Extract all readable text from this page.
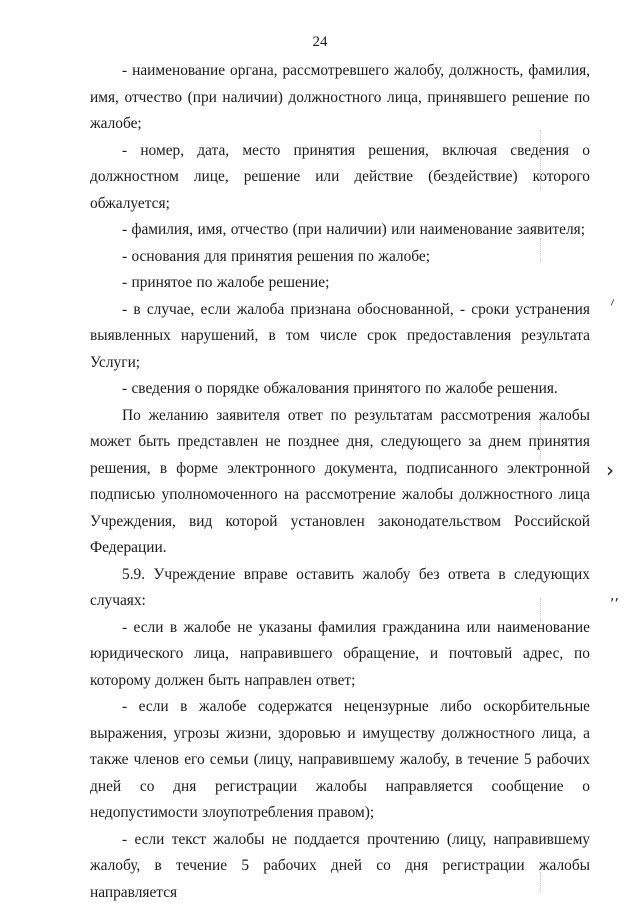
24

- наименование органа, рассмотревшего жалобу, должность, фамилия, имя, отчество (при наличии) должностного лица, принявшего решение по жалобе;

- номер, дата, место принятия решения, включая сведения о должностном лице, решение или действие (бездействие) которого обжалуется;

- фамилия, имя, отчество (при наличии) или наименование заявителя;

- основания для принятия решения по жалобе;

- принятое по жалобе решение;

- в случае, если жалоба признана обоснованной, - сроки устранения выявленных нарушений, в том числе срок предоставления результата Услуги;

- сведения о порядке обжалования принятого по жалобе решения.

По желанию заявителя ответ по результатам рассмотрения жалобы может быть представлен не позднее дня, следующего за днем принятия решения, в форме электронного документа, подписанного электронной подписью уполномоченного на рассмотрение жалобы должностного лица Учреждения, вид которой установлен законодательством Российской Федерации.

5.9. Учреждение вправе оставить жалобу без ответа в следующих случаях:

- если в жалобе не указаны фамилия гражданина или наименование юридического лица, направившего обращение, и почтовый адрес, по которому должен быть направлен ответ;

- если в жалобе содержатся нецензурные либо оскорбительные выражения, угрозы жизни, здоровью и имуществу должностного лица, а также членов его семьи (лицу, направившему жалобу, в течение 5 рабочих дней со дня регистрации жалобы направляется сообщение о недопустимости злоупотребления правом);

- если текст жалобы не поддается прочтению (лицу, направившему жалобу, в течение 5 рабочих дней со дня регистрации жалобы направляется

⸝
›
,,
